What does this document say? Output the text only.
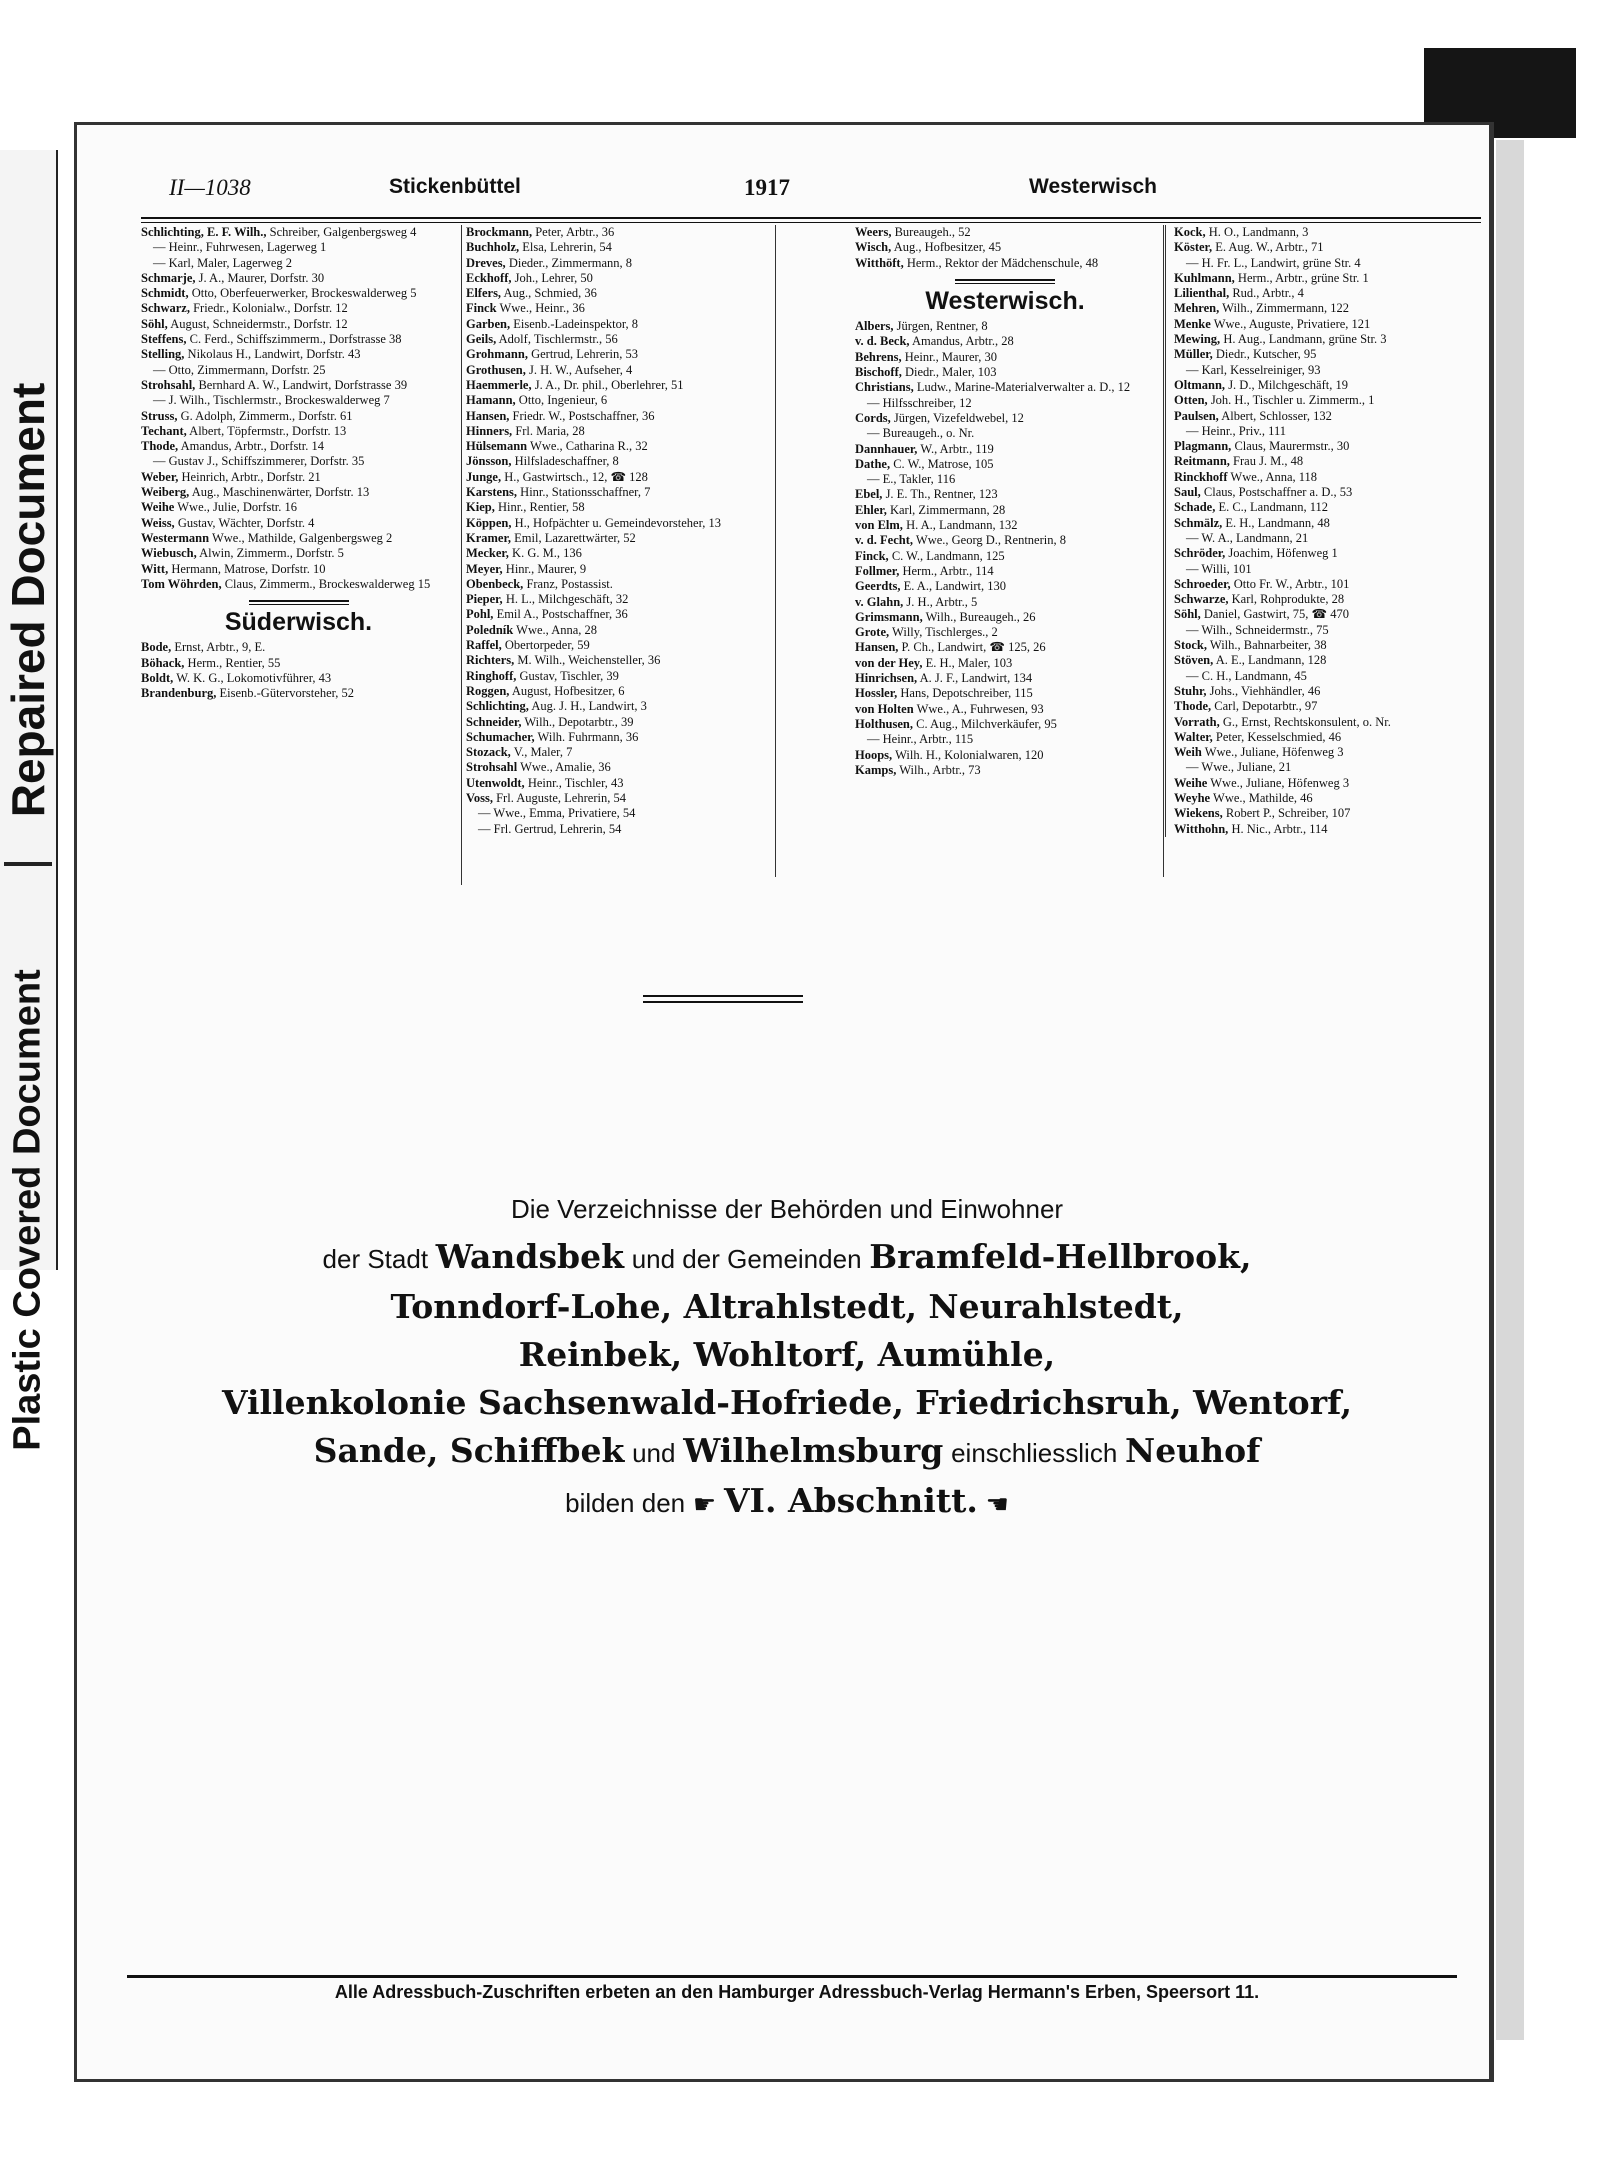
Repaired Document
Plastic Covered Document
II—1038	Stickenbüttel	1917	Westerwisch
Schlichting, E. F. Wilh., Schreiber, Galgenbergsweg 4
— Heinr., Fuhrwesen, Lagerweg 1
— Karl, Maler, Lagerweg 2
Schmarje, J. A., Maurer, Dorfstr. 30
Schmidt, Otto, Oberfeuerwerker, Brockeswalderweg 5
Schwarz, Friedr., Kolonialw., Dorfstr. 12
Söhl, August, Schneidermstr., Dorfstr. 12
Steffens, C. Ferd., Schiffszimmerm., Dorfstrasse 38
Stelling, Nikolaus H., Landwirt, Dorfstr. 43
— Otto, Zimmermann, Dorfstr. 25
Strohsahl, Bernhard A. W., Landwirt, Dorfstrasse 39
— J. Wilh., Tischlermstr., Brockeswalderweg 7
Struss, G. Adolph, Zimmerm., Dorfstr. 61
Techant, Albert, Töpfermstr., Dorfstr. 13
Thode, Amandus, Arbtr., Dorfstr. 14
— Gustav J., Schiffszimmerer, Dorfstr. 35
Weber, Heinrich, Arbtr., Dorfstr. 21
Weiberg, Aug., Maschinenwärter, Dorfstr. 13
Weihe Wwe., Julie, Dorfstr. 16
Weiss, Gustav, Wächter, Dorfstr. 4
Westermann Wwe., Mathilde, Galgenbergsweg 2
Wiebusch, Alwin, Zimmerm., Dorfstr. 5
Witt, Hermann, Matrose, Dorfstr. 10
Tom Wöhrden, Claus, Zimmerm., Brockeswalderweg 15
Süderwisch.
Bode, Ernst, Arbtr., 9, E.
Böhack, Herm., Rentier, 55
Boldt, W. K. G., Lokomotivführer, 43
Brandenburg, Eisenb.-Gütervorsteher, 52
Brockmann, Peter, Arbtr., 36
Buchholz, Elsa, Lehrerin, 54
Dreves, Dieder., Zimmermann, 8
Eckhoff, Joh., Lehrer, 50
Elfers, Aug., Schmied, 36
Finck Wwe., Heinr., 36
Garben, Eisenb.-Ladeinspektor, 8
Geils, Adolf, Tischlermstr., 56
Grohmann, Gertrud, Lehrerin, 53
Grothusen, J. H. W., Aufseher, 4
Haemmerle, J. A., Dr. phil., Oberlehrer, 51
Hamann, Otto, Ingenieur, 6
Hansen, Friedr. W., Postschaffner, 36
Hinners, Frl. Maria, 28
Hülsemann Wwe., Catharina R., 32
Jönsson, Hilfsladeschaffner, 8
Junge, H., Gastwirtsch., 12, ☎ 128
Karstens, Hinr., Stationsschaffner, 7
Kiep, Hinr., Rentier, 58
Köppen, H., Hofpächter u. Gemeindevorsteher, 13
Kramer, Emil, Lazarettwärter, 52
Mecker, K. G. M., 136
Meyer, Hinr., Maurer, 9
Obenbeck, Franz, Postassist.
Pieper, H. L., Milchgeschäft, 32
Pohl, Emil A., Postschaffner, 36
Poledník Wwe., Anna, 28
Raffel, Obertorpeder, 59
Richters, M. Wilh., Weichensteller, 36
Ringhoff, Gustav, Tischler, 39
Roggen, August, Hofbesitzer, 6
Schlichting, Aug. J. H., Landwirt, 3
Schneider, Wilh., Depotarbtr., 39
Schumacher, Wilh. Fuhrmann, 36
Stozack, V., Maler, 7
Strohsahl Wwe., Amalie, 36
Utenwoldt, Heinr., Tischler, 43
Voss, Frl. Auguste, Lehrerin, 54
— Wwe., Emma, Privatiere, 54
— Frl. Gertrud, Lehrerin, 54
Weers, Bureaugeh., 52
Wisch, Aug., Hofbesitzer, 45
Witthöft, Herm., Rektor der Mädchenschule, 48
Westerwisch.
Albers, Jürgen, Rentner, 8
v. d. Beck, Amandus, Arbtr., 28
Behrens, Heinr., Maurer, 30
Bischoff, Diedr., Maler, 103
Christians, Ludw., Marine-Materialverwalter a. D., 12
— Hilfsschreiber, 12
Cords, Jürgen, Vizefeldwebel, 12
— Bureaugeh., o. Nr.
Dannhauer, W., Arbtr., 119
Dathe, C. W., Matrose, 105
— E., Takler, 116
Ebel, J. E. Th., Rentner, 123
Ehler, Karl, Zimmermann, 28
von Elm, H. A., Landmann, 132
v. d. Fecht, Wwe., Georg D., Rentnerin, 8
Finck, C. W., Landmann, 125
Follmer, Herm., Arbtr., 114
Geerdts, E. A., Landwirt, 130
v. Glahn, J. H., Arbtr., 5
Grimsmann, Wilh., Bureaugeh., 26
Grote, Willy, Tischlerges., 2
Hansen, P. Ch., Landwirt, ☎ 125, 26
von der Hey, E. H., Maler, 103
Hinrichsen, A. J. F., Landwirt, 134
Hossler, Hans, Depotschreiber, 115
von Holten Wwe., A., Fuhrwesen, 93
Holthusen, C. Aug., Milchverkäufer, 95
— Heinr., Arbtr., 115
Hoops, Wilh. H., Kolonialwaren, 120
Kamps, Wilh., Arbtr., 73
Kock, H. O., Landmann, 3
Köster, E. Aug. W., Arbtr., 71
— H. Fr. L., Landwirt, grüne Str. 4
Kuhlmann, Herm., Arbtr., grüne Str. 1
Lilienthal, Rud., Arbtr., 4
Mehren, Wilh., Zimmermann, 122
Menke Wwe., Auguste, Privatiere, 121
Mewing, H. Aug., Landmann, grüne Str. 3
Müller, Diedr., Kutscher, 95
— Karl, Kesselreiniger, 93
Oltmann, J. D., Milchgeschäft, 19
Otten, Joh. H., Tischler u. Zimmerm., 1
Paulsen, Albert, Schlosser, 132
— Heinr., Priv., 111
Plagmann, Claus, Maurermstr., 30
Reitmann, Frau J. M., 48
Rinckhoff Wwe., Anna, 118
Saul, Claus, Postschaffner a. D., 53
Schade, E. C., Landmann, 112
Schmälz, E. H., Landmann, 48
— W. A., Landmann, 21
Schröder, Joachim, Höfenweg 1
— Willi, 101
Schroeder, Otto Fr. W., Arbtr., 101
Schwarze, Karl, Rohprodukte, 28
Söhl, Daniel, Gastwirt, 75, ☎ 470
— Wilh., Schneidermstr., 75
Stock, Wilh., Bahnarbeiter, 38
Stöven, A. E., Landmann, 128
— C. H., Landmann, 45
Stuhr, Johs., Viehhändler, 46
Thode, Carl, Depotarbtr., 97
Vorrath, G., Ernst, Rechtskonsulent, o. Nr.
Walter, Peter, Kesselschmied, 46
Weih Wwe., Juliane, Höfenweg 3
— Wwe., Juliane, 21
Weihe Wwe., Juliane, Höfenweg 3
Weyhe Wwe., Mathilde, 46
Wiekens, Robert P., Schreiber, 107
Witthohn, H. Nic., Arbtr., 114
Die Verzeichnisse der Behörden und Einwohner
der Stadt Wandsbek und der Gemeinden Bramfeld-Hellbrook,
Tonndorf-Lohe, Altrahlstedt, Neurahlstedt,
Reinbek, Wohltorf, Aumühle,
Villenkolonie Sachsenwald-Hofriede, Friedrichsruh, Wentorf,
Sande, Schiffbek und Wilhelmsburg einschliesslich Neuhof
bilden den ☛ VI. Abschnitt. ☚
Alle Adressbuch-Zuschriften erbeten an den Hamburger Adressbuch-Verlag Hermann's Erben, Speersort 11.
